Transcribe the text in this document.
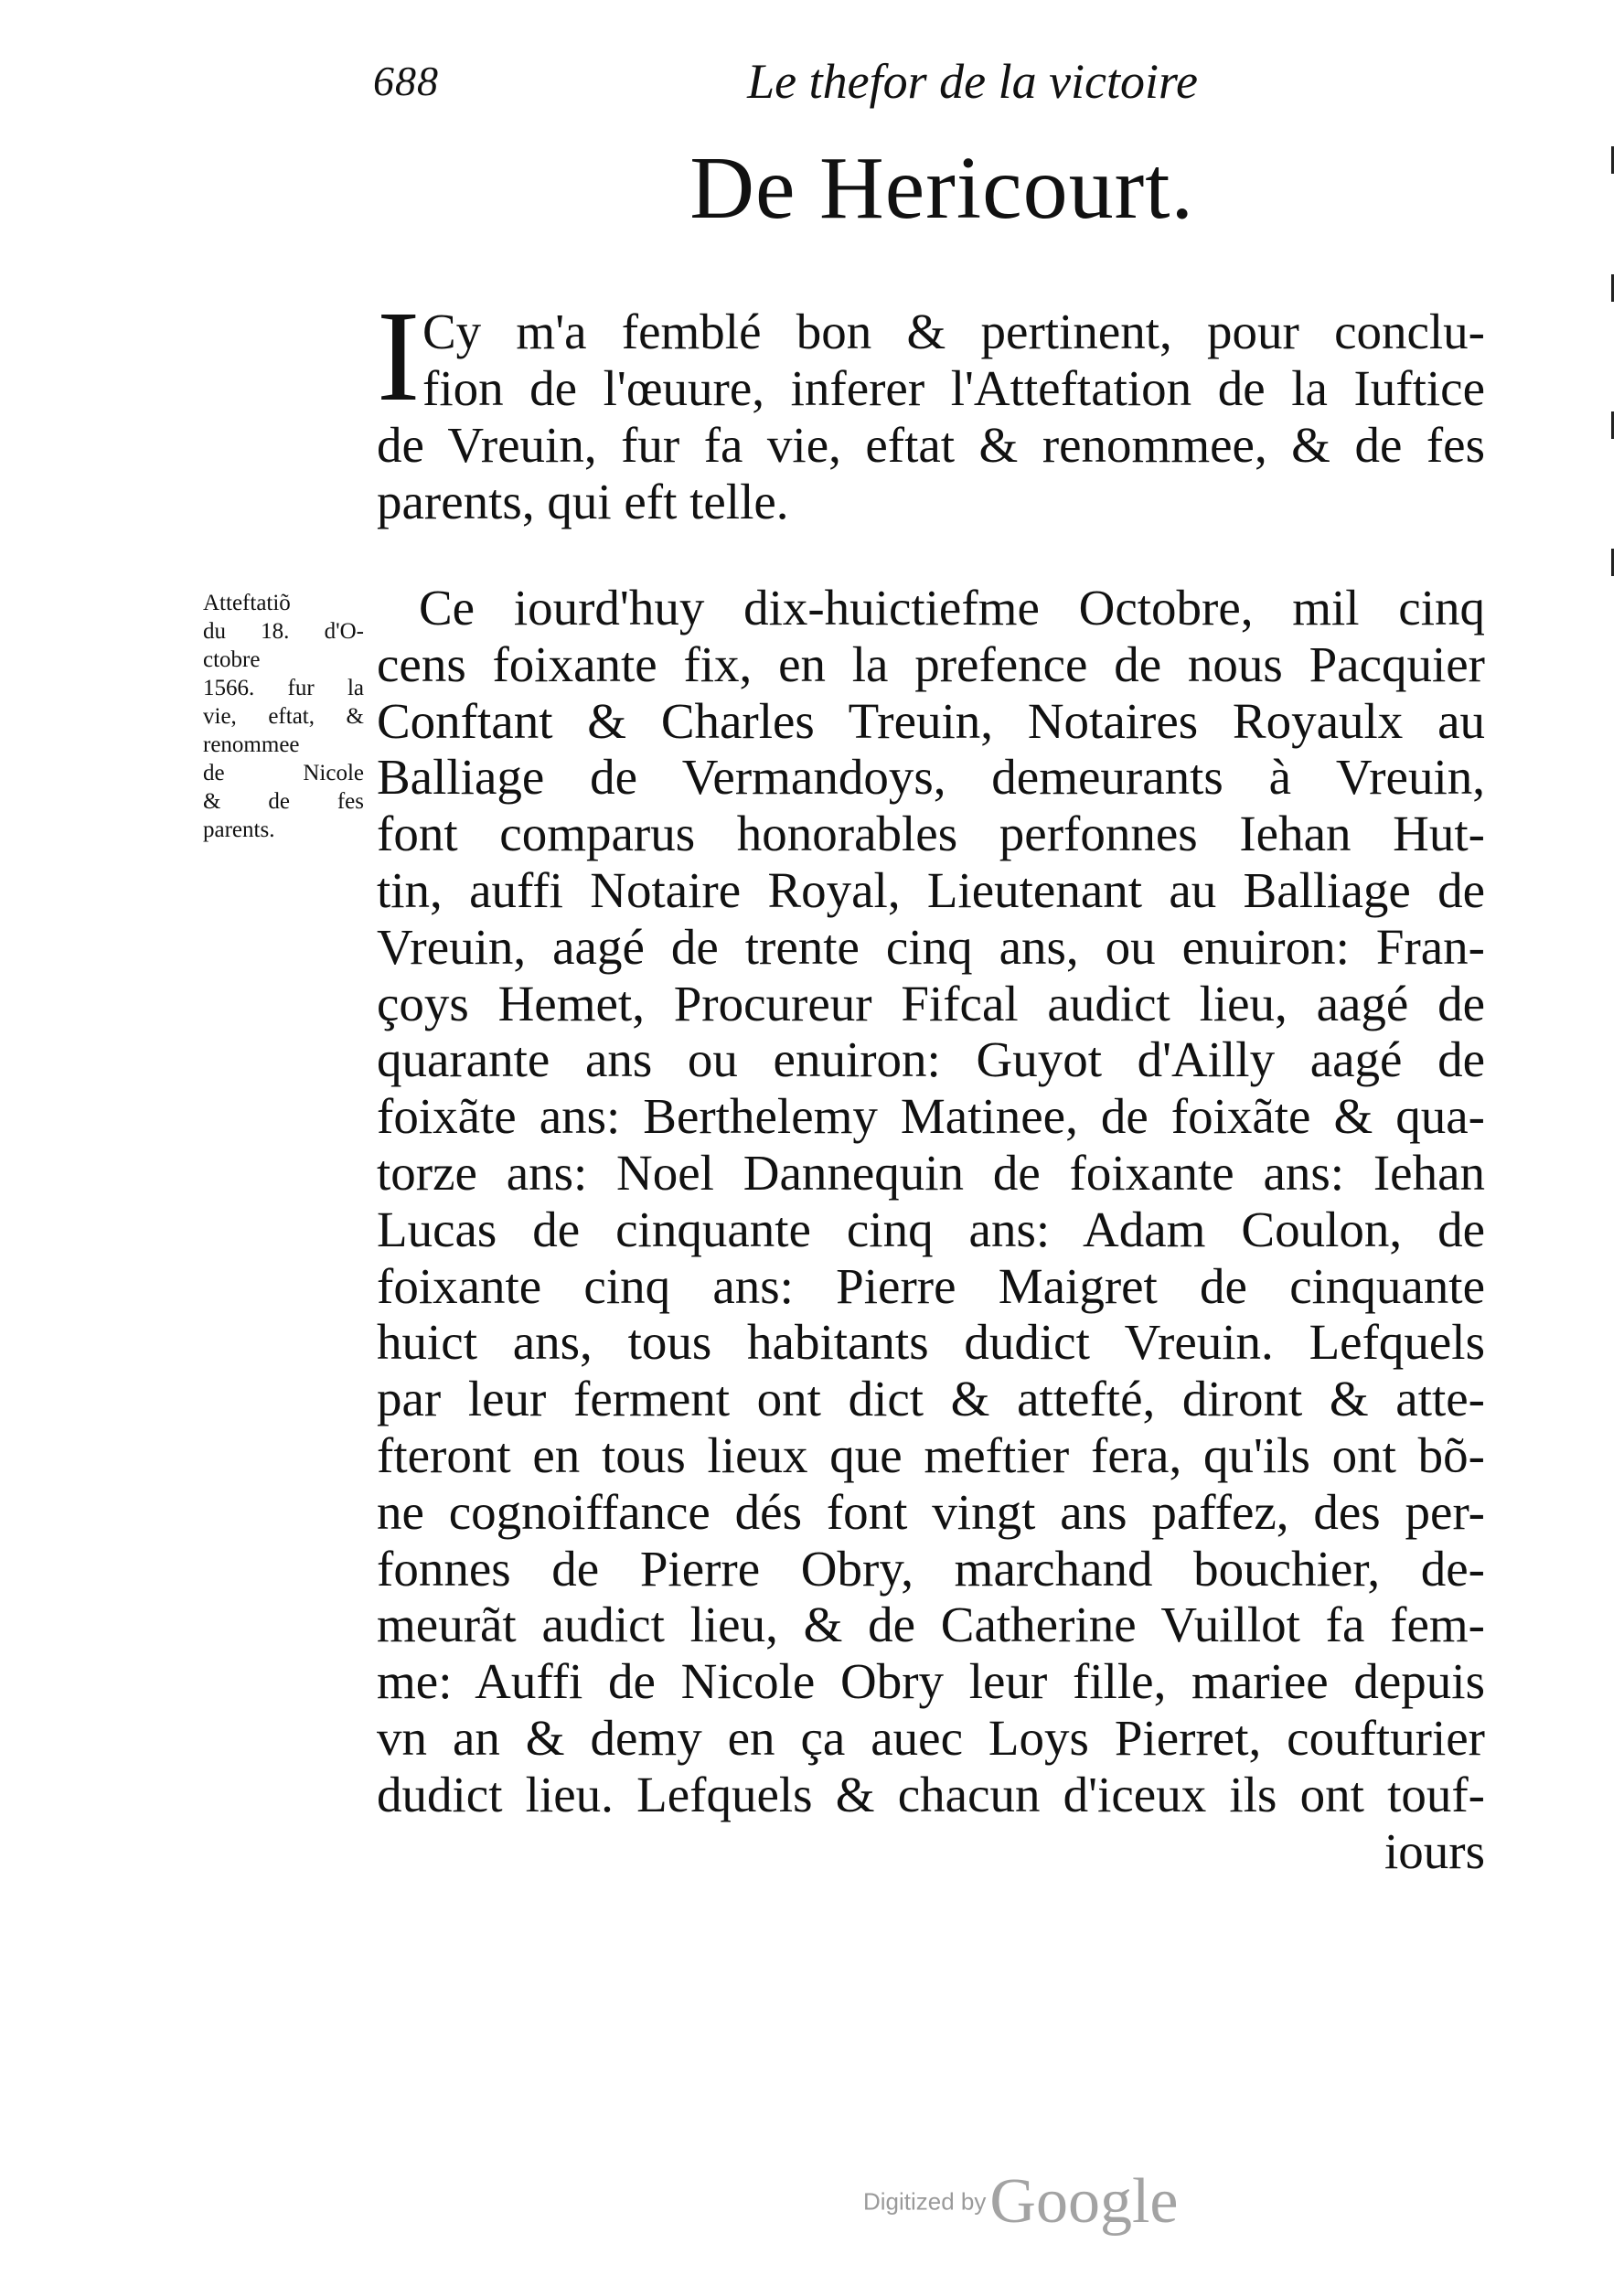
688	Le thefor de la victoire
De Hericourt.
I Cy m'a femblé bon & pertinent, pour conclu-
fion de l'œuure, inferer l'Atteftation de la Iuftice
de Vreuin, fur fa vie, eftat & renommee, & de fes
parents, qui eft telle.
Atteftatiõ
du 18. d'O-
ctobre
1566. fur la
vie, eftat, &
renommee
de Nicole
& de fes
parents.
Ce iourd'huy dix-huictiefme Octobre, mil cinq
cens foixante fix, en la prefence de nous Pacquier
Conftant & Charles Treuin, Notaires Royaulx au
Balliage de Vermandoys, demeurants à Vreuin,
font comparus honorables perfonnes Iehan Hut-
tin, auffi Notaire Royal, Lieutenant au Balliage de
Vreuin, aagé de trente cinq ans, ou enuiron: Fran-
çoys Hemet, Procureur Fifcal audict lieu, aagé de
quarante ans ou enuiron: Guyot d'Ailly aagé de
foixãte ans: Berthelemy Matinee, de foixãte & qua-
torze ans: Noel Dannequin de foixante ans: Iehan
Lucas de cinquante cinq ans: Adam Coulon, de
foixante cinq ans: Pierre Maigret de cinquante
huict ans, tous habitants dudict Vreuin. Lefquels
par leur ferment ont dict & attefté, diront & atte-
fteront en tous lieux que meftier fera, qu'ils ont bõ-
ne cognoiffance dés font vingt ans paffez, des per-
fonnes de Pierre Obry, marchand bouchier, de-
meurãt audict lieu, & de Catherine Vuillot fa fem-
me: Auffi de Nicole Obry leur fille, mariee depuis
vn an & demy en ça auec Loys Pierret, coufturier
dudict lieu. Lefquels & chacun d'iceux ils ont touf-
iours
Digitized by Google
